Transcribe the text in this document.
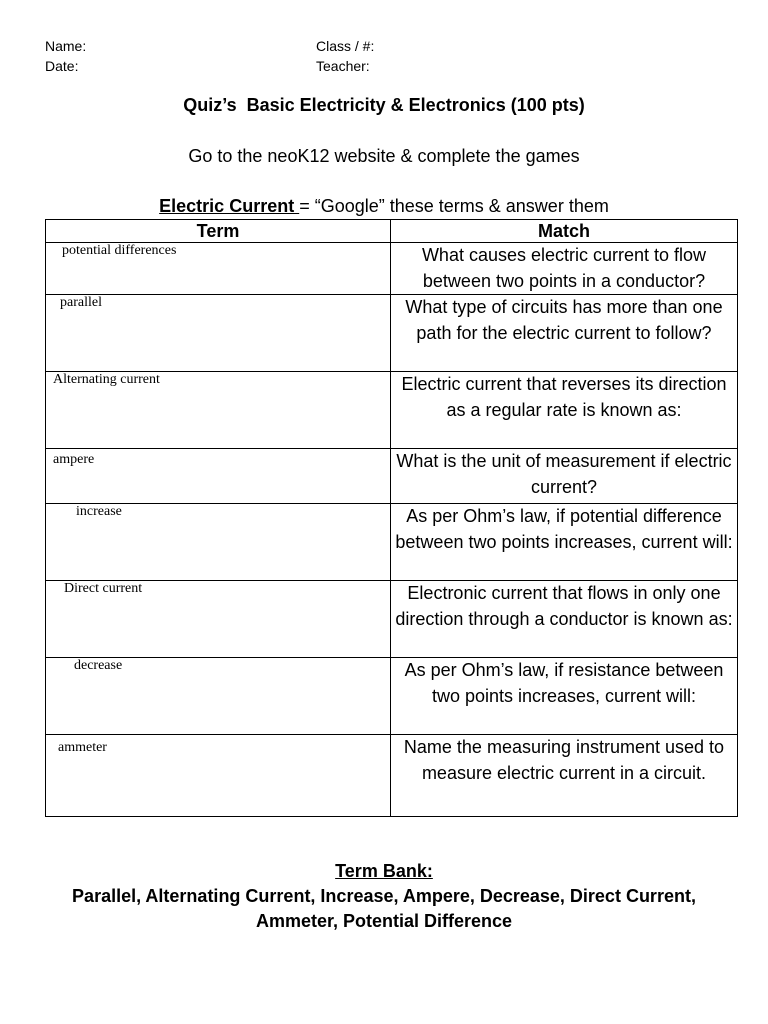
Name:
Date:
Class / #:
Teacher:
Quiz’s  Basic Electricity & Electronics (100 pts)
Go to the neoK12 website & complete the games
Electric Current = “Google” these terms & answer them
Term	Match
potential differences	What causes electric current to flow between two points in a conductor?
parallel	What type of circuits has more than one path for the electric current to follow?
Alternating current	Electric current that reverses its direction as a regular rate is known as:
ampere	What is the unit of measurement if electric current?
increase	As per Ohm’s law, if potential difference between two points increases, current will:
Direct current	Electronic current that flows in only one direction through a conductor is known as:
decrease	As per Ohm’s law, if resistance between two points increases, current will:
ammeter	Name the measuring instrument used to measure electric current in a circuit.
Term Bank:
Parallel, Alternating Current, Increase, Ampere, Decrease, Direct Current, Ammeter, Potential Difference
